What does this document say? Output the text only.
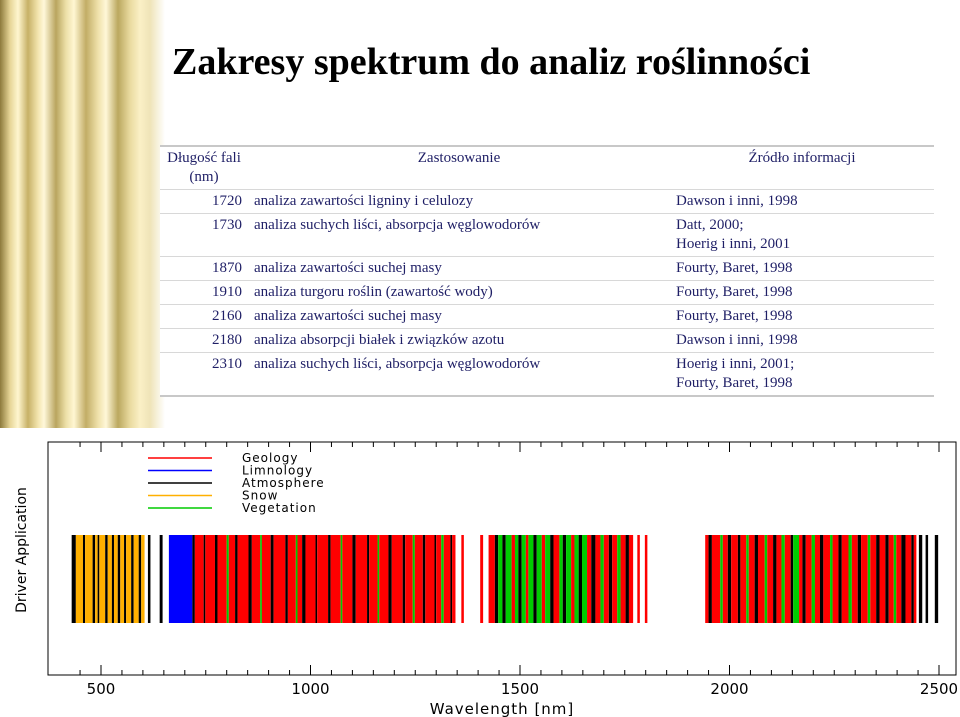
Zakresy spektrum do analiz roślinności
Długość fali (nm)	Zastosowanie	Źródło informacji
1720	analiza zawartości ligniny i celulozy	Dawson i inni, 1998

1730	analiza suchych liści, absorpcja węglowodorów	Datt, 2000;
Hoerig i inni, 2001

1870	analiza zawartości suchej masy	Fourty, Baret, 1998

1910	analiza turgoru roślin (zawartość wody)	Fourty, Baret, 1998

2160	analiza zawartości suchej masy	Fourty, Baret, 1998

2180	analiza absorpcji białek i związków azotu	Dawson i inni, 1998

2310	analiza suchych liści, absorpcja węglowodorów	Hoerig i inni, 2001;
Fourty, Baret, 1998
Geology
Limnology
Atmosphere
Snow
Vegetation
500	1000	1500	2000	2500
Wavelength [nm]
Driver Application
